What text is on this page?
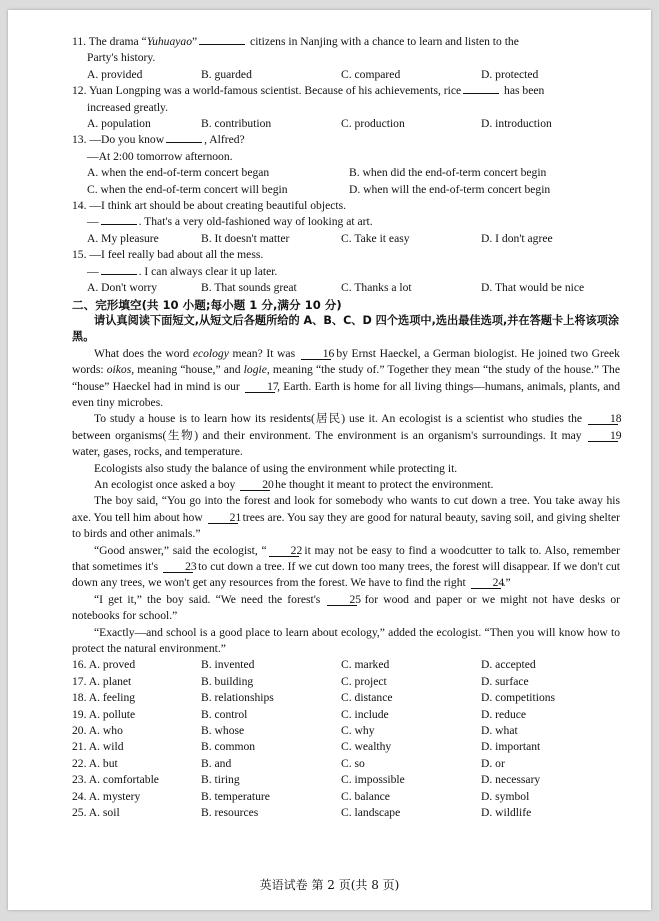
11. The drama “Yuhuayao”	citizens in Nanjing with a chance to learn and listen to the
Party's history.
A. provided	B. guarded	C. compared	D. protected
12. Yuan Longping was a world-famous scientist. Because of his achievements, rice	has been
increased greatly.
A. population	B. contribution	C. production	D. introduction
13. —Do you know	, Alfred?
—At 2:00 tomorrow afternoon.
A. when the end-of-term concert began	B. when did the end-of-term concert begin
C. when the end-of-term concert will begin	D. when will the end-of-term concert begin
14. —I think art should be about creating beautiful objects.
—	. That's a very old-fashioned way of looking at art.
A. My pleasure	B. It doesn't matter	C. Take it easy	D. I don't agree
15. —I feel really bad about all the mess.
—	. I can always clear it up later.
A. Don't worry	B. That sounds great	C. Thanks a lot	D. That would be nice
二、完形填空(共 10 小题;每小题 1 分,满分 10 分)
请认真阅读下面短文,从短文后各题所给的 A、B、C、D 四个选项中,选出最佳选项,并在答题卡上将该项涂黑。
What does the word ecology mean? It was 16 by Ernst Haeckel, a German biologist. He joined two Greek words: oikos, meaning “house,” and logie, meaning “the study of.” Together they mean “the study of the house.” The “house” Haeckel had in mind is our 17, Earth. Earth is home for all living things—humans, animals, plants, and even tiny microbes.
To study a house is to learn how its residents(居民) use it. An ecologist is a scientist who studies the 18 between organisms(生物) and their environment. The environment is an organism's surroundings. It may 19 water, gases, rocks, and temperature.
Ecologists also study the balance of using the environment while protecting it.
An ecologist once asked a boy 20 he thought it meant to protect the environment.
The boy said, “You go into the forest and look for somebody who wants to cut down a tree. You take away his axe. You tell him about how 21 trees are. You say they are good for natural beauty, saving soil, and giving shelter to birds and other animals.”
“Good answer,” said the ecologist, “ 22 it may not be easy to find a woodcutter to talk to. Also, remember that sometimes it's 23 to cut down a tree. If we cut down too many trees, the forest will disappear. If we don't cut down any trees, we won't get any resources from the forest. We have to find the right 24.”
“I get it,” the boy said. “We need the forest's 25 for wood and paper or we might not have desks or notebooks for school.”
“Exactly—and school is a good place to learn about ecology,” added the ecologist. “Then you will know how to protect the natural environment.”
16. A. proved	B. invented	C. marked	D. accepted
17. A. planet	B. building	C. project	D. surface
18. A. feeling	B. relationships	C. distance	D. competitions
19. A. pollute	B. control	C. include	D. reduce
20. A. who	B. whose	C. why	D. what
21. A. wild	B. common	C. wealthy	D. important
22. A. but	B. and	C. so	D. or
23. A. comfortable	B. tiring	C. impossible	D. necessary
24. A. mystery	B. temperature	C. balance	D. symbol
25. A. soil	B. resources	C. landscape	D. wildlife
英语试卷 第 2 页(共 8 页)
